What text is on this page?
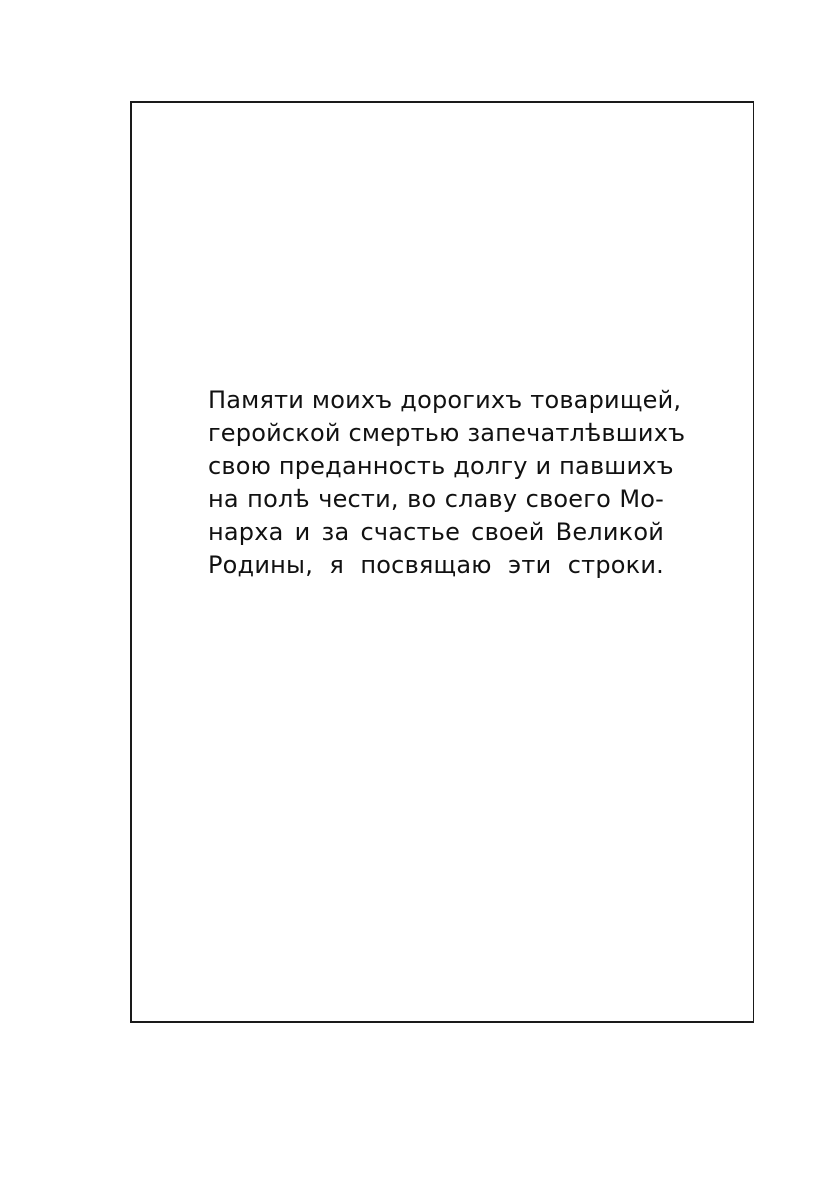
Памяти моихъ дорогихъ товарищей,
геройской смертью запечатлѣвшихъ
свою преданность долгу и павшихъ
на полѣ чести, во славу своего Мо-
нарха и за счастье своей Великой
Родины, я посвящаю эти строки.
